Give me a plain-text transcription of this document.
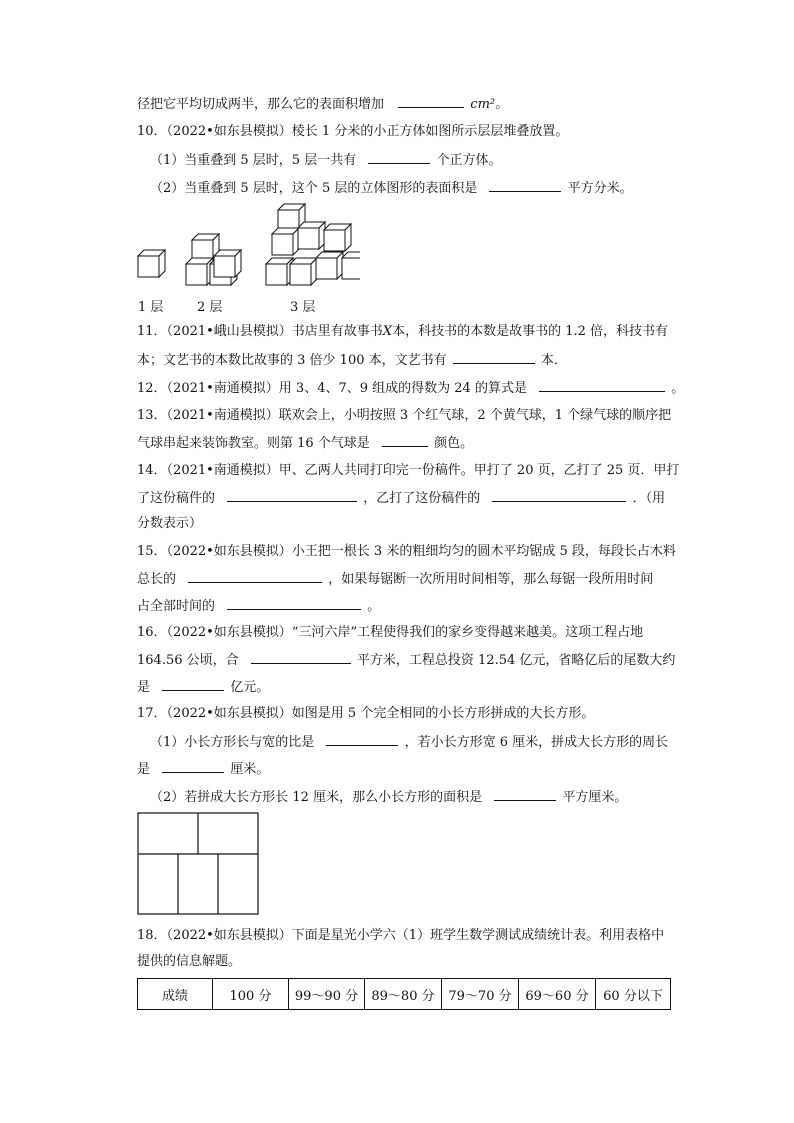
径把它平均切成两半，那么它的表面积增加	cm²。
10．（2022•如东县模拟）棱长 1 分米的小正方体如图所示层层堆叠放置。
（1）当重叠到 5 层时，5 层一共有	个正方体。
（2）当重叠到 5 层时，这个 5 层的立体图形的表面积是	平方分米。
1 层	2 层	3 层
11．（2021•峨山县模拟）书店里有故事书X本，科技书的本数是故事书的 1.2 倍，科技书有
本；文艺书的本数比故事的 3 倍少 100 本，文艺书有	本．
12．（2021•南通模拟）用 3、4、7、9 组成的得数为 24 的算式是	。
13．（2021•南通模拟）联欢会上，小明按照 3 个红气球，2 个黄气球，1 个绿气球的顺序把
气球串起来装饰教室。则第 16 个气球是	颜色。
14．（2021•南通模拟）甲、乙两人共同打印完一份稿件。甲打了 20 页，乙打了 25 页．甲打
了这份稿件的	，乙打了这份稿件的	．（用
分数表示）
15．（2022•如东县模拟）小王把一根长 3 米的粗细均匀的圆木平均锯成 5 段，每段长占木料
总长的	，如果每锯断一次所用时间相等，那么每锯一段所用时间
占全部时间的	。
16．（2022•如东县模拟）“三河六岸”工程使得我们的家乡变得越来越美。这项工程占地
164.56 公顷，合	平方米，工程总投资 12.54 亿元，省略亿后的尾数大约
是	亿元。
17．（2022•如东县模拟）如图是用 5 个完全相同的小长方形拼成的大长方形。
（1）小长方形长与宽的比是	，若小长方形宽 6 厘米，拼成大长方形的周长
是	厘米。
（2）若拼成大长方形长 12 厘米，那么小长方形的面积是	平方厘米。
18．（2022•如东县模拟）下面是星光小学六（1）班学生数学测试成绩统计表。利用表格中
提供的信息解题。
成绩	100 分	99～90 分	89～80 分	79～70 分	69～60 分	60 分以下
